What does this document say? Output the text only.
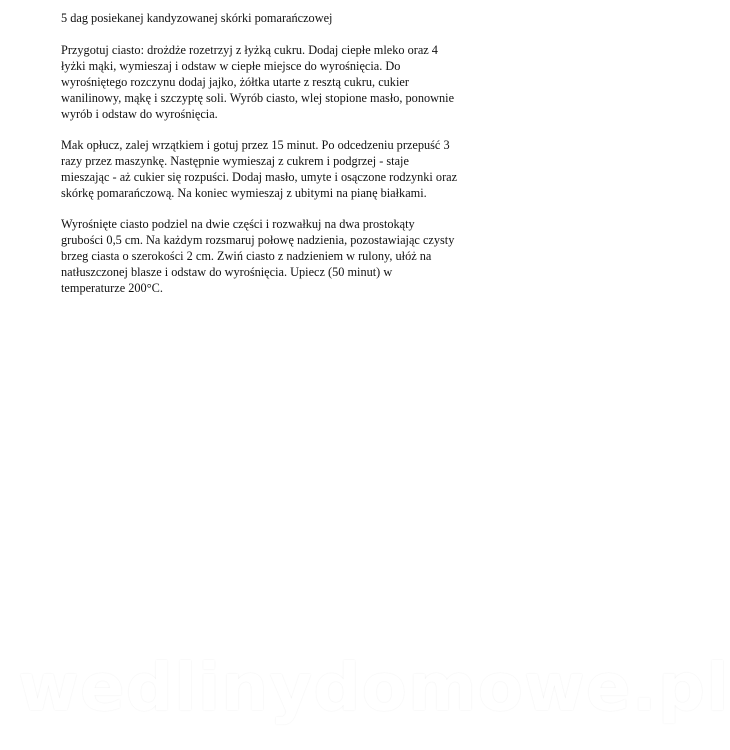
5 dag posiekanej kandyzowanej skórki pomarańczowej

Przygotuj ciasto: drożdże rozetrzyj z łyżką cukru. Dodaj ciepłe mleko oraz 4
łyżki mąki, wymieszaj i odstaw w ciepłe miejsce do wyrośnięcia. Do
wyrośniętego rozczynu dodaj jajko, żółtka utarte z resztą cukru, cukier
wanilinowy, mąkę i szczyptę soli. Wyrób ciasto, wlej stopione masło, ponownie
wyrób i odstaw do wyrośnięcia.

Mak opłucz, zalej wrzątkiem i gotuj przez 15 minut. Po odcedzeniu przepuść 3
razy przez maszynkę. Następnie wymieszaj z cukrem i podgrzej - staje
mieszając - aż cukier się rozpuści. Dodaj masło, umyte i osączone rodzynki oraz
skórkę pomarańczową. Na koniec wymieszaj z ubitymi na pianę białkami.

Wyrośnięte ciasto podziel na dwie części i rozwałkuj na dwa prostokąty
grubości 0,5 cm. Na każdym rozsmaruj połowę nadzienia, pozostawiając czysty
brzeg ciasta o szerokości 2 cm. Zwiń ciasto z nadzieniem w rulony, ułóż na
natłuszczonej blasze i odstaw do wyrośnięcia. Upiecz (50 minut) w
temperaturze 200°C.

wedlinydomowe.pl
